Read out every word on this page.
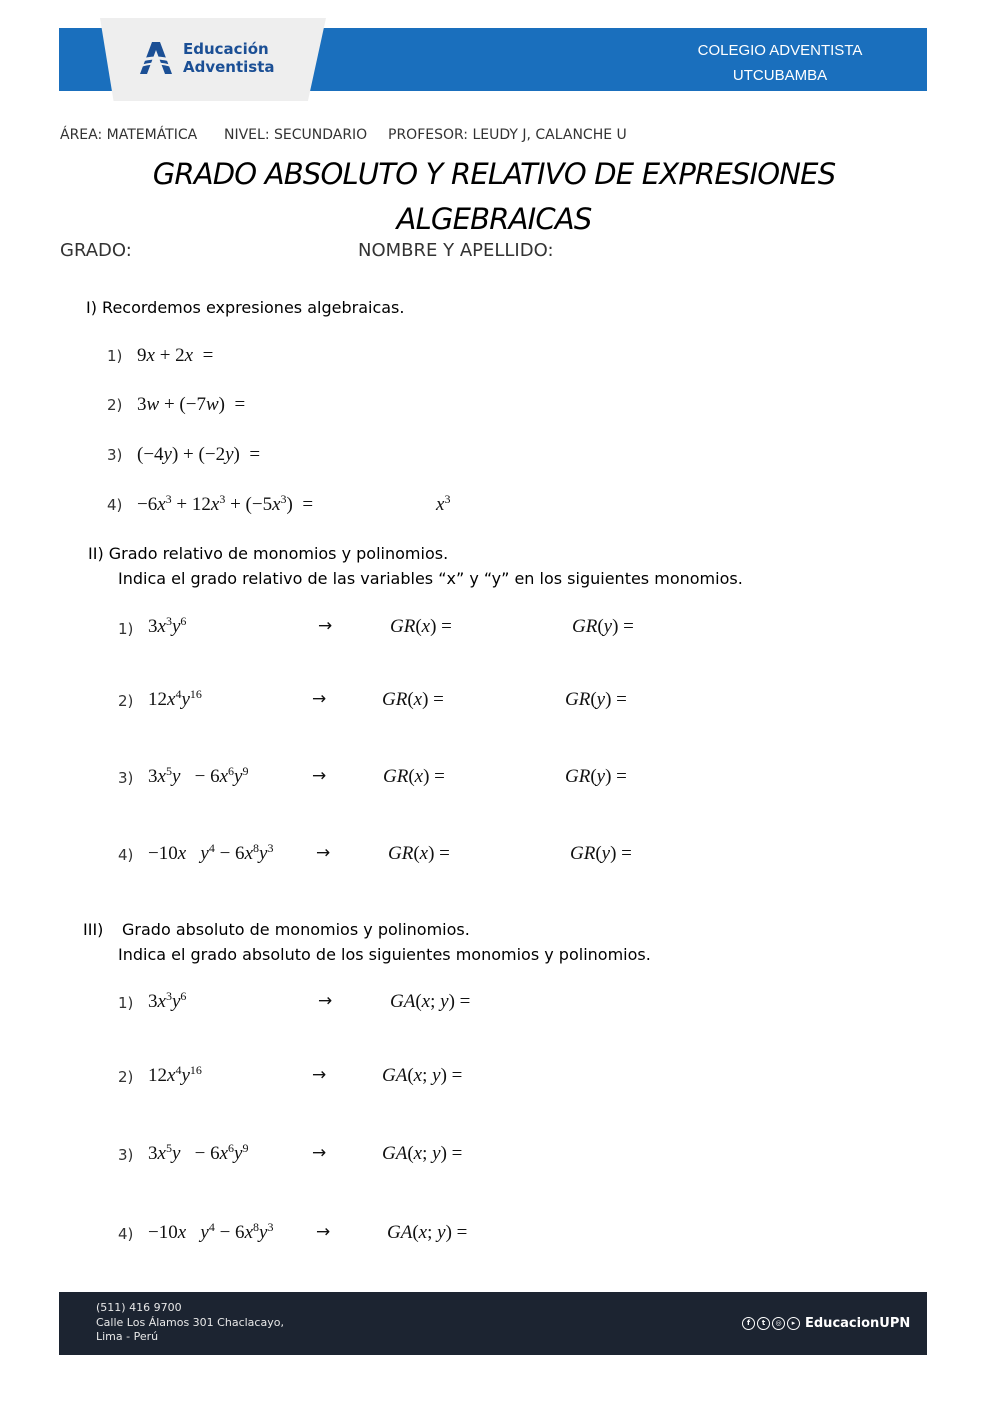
Educación
Adventista
COLEGIO ADVENTISTA
UTCUBAMBA
ÁREA: MATEMÁTICA NIVEL: SECUNDARIO PROFESOR: LEUDY J, CALANCHE U
GRADO ABSOLUTO Y RELATIVO DE EXPRESIONES
ALGEBRAICAS
GRADO:	NOMBRE Y APELLIDO:
I) Recordemos expresiones algebraicas.
1) 9x + 2x  =
2) 3w + (−7w)  =
3) (−4y) + (−2y)  =
$4) -6x^3 + 12x^3 + (-5x^3)$  =	$x^3$
II) Grado relativo de monomios y polinomios.
Indica el grado relativo de las variables “x” y “y” en los siguientes monomios.
1) $3x^3y^6$	→	GR(x) =	GR(y) =
2) $12x^4y^{16}$	→	GR(x) =	GR(y) =
3) $3x^5y - 6x^6y^9$	→	GR(x) =	GR(y) =
4) −10x $y^4 - 6x^8y^3$	→	GR(x) =	GR(y) =
III) Grado absoluto de monomios y polinomios.
Indica el grado absoluto de los siguientes monomios y polinomios.
1) $3x^3y^6$	→	GA(x; y) =
2) $12x^4y^{16}$	→	GA(x; y) =
3) $3x^5y - 6x^6y^9$	→	GA(x; y) =
4) −10x $y^4 - 6x^8y^3$	→	GA(x; y) =
(511) 416 9700
Calle Los Álamos 301 Chaclacayo,
Lima - Perú
f	t	◎	▸ EducacionUPN
